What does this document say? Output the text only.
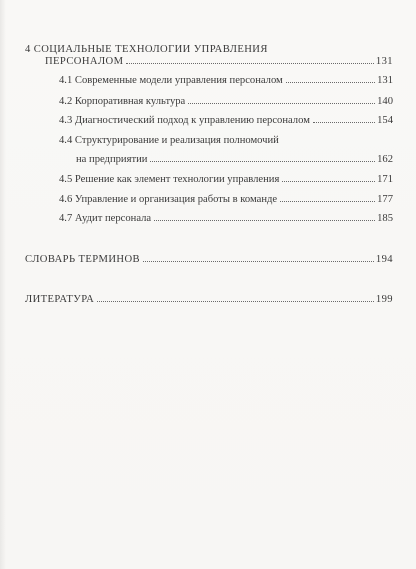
4 СОЦИАЛЬНЫЕ ТЕХНОЛОГИИ УПРАВЛЕНИЯ
ПЕРСОНАЛОМ	131
4.1 Современные модели управления персоналом	131
4.2 Корпоративная культура	140
4.3 Диагностический подход к управлению персоналом	154
4.4 Структурирование и реализация полномочий
на предприятии	162
4.5 Решение как элемент технологии управления	171
4.6 Управление и организация работы в команде	177
4.7 Аудит персонала	185
СЛОВАРЬ ТЕРМИНОВ	194
ЛИТЕРАТУРА	199
